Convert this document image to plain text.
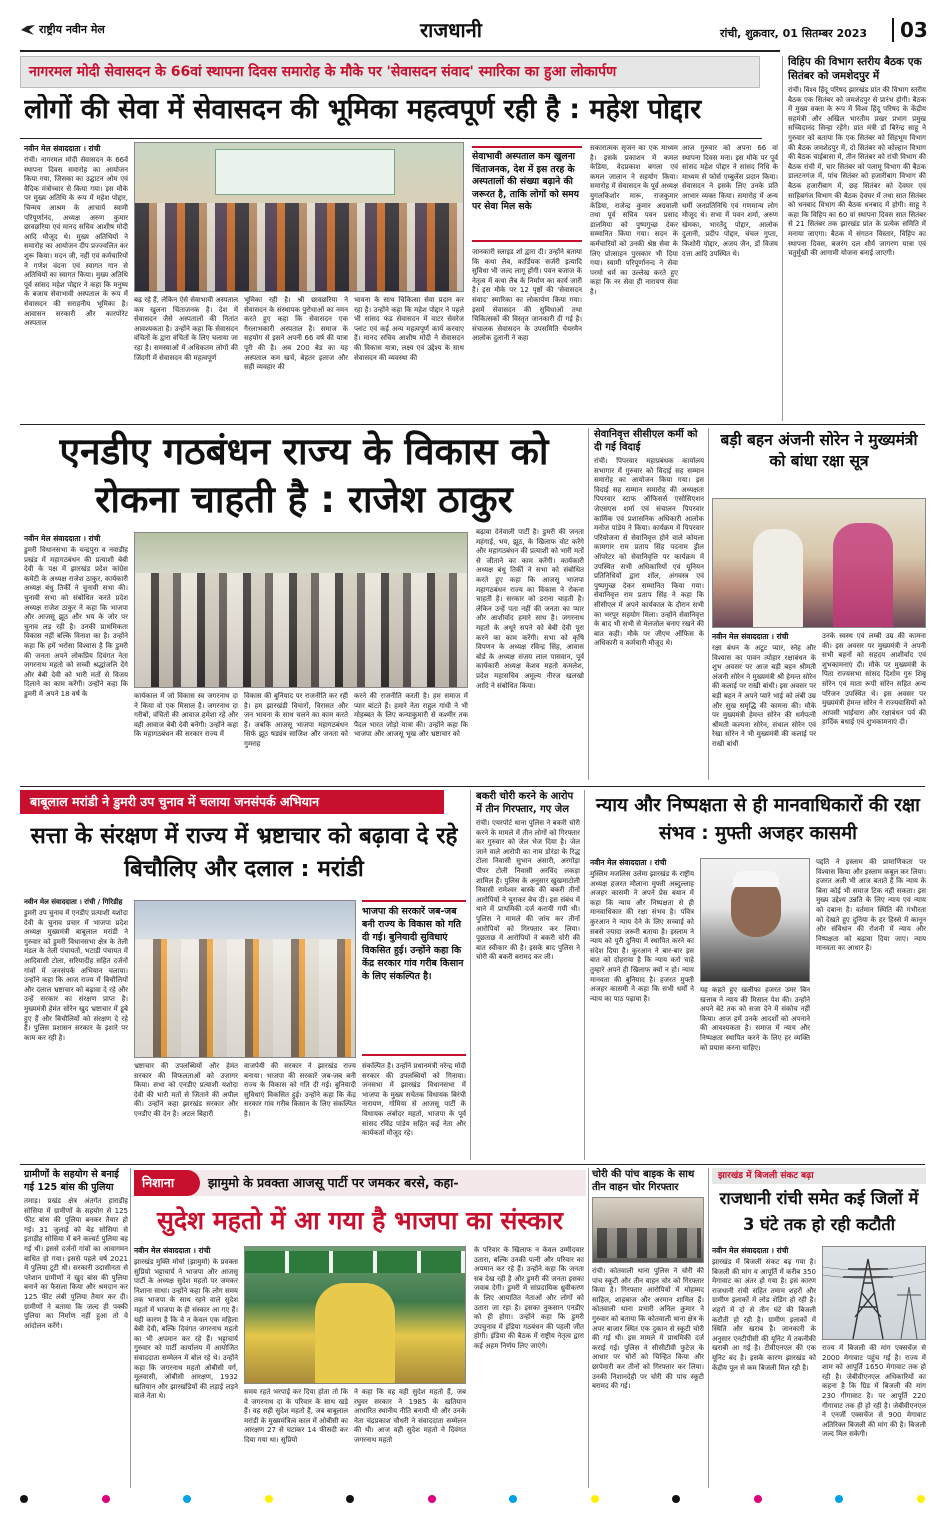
राष्ट्रीय नवीन मेल	राजधानी	रांची, शुक्रवार, 01 सितम्बर 2023	03
नागरमल मोदी सेवासदन के 66वां स्थापना दिवस समारोह के मौके पर 'सेवासदन संवाद' स्मारिका का हुआ लोकार्पण
लोगों की सेवा में सेवासदन की भूमिका महत्वपूर्ण रही है : महेश पोद्दार
नवीन मेल संवाददाता । रांची
रांची। नागरमल मोदी सेवासदन के 66वें स्थापना दिवस समारोह का आयोजन किया गया, जिसका का उद्घाटन ओम एवं वैदिक मंत्रोच्चार से किया गया। इस मौके पर मुख्य अतिथि के रूप में महेश पोद्दार, चिन्मय आश्रम के आचार्य स्वामी परिपूर्णानंद, अध्यक्ष अरुण कुमार छावछरिया एवं मानद सचिव आशीष मोदी आदि मौजूद थे। मुख्य अतिथियों ने समारोह का आयोजन दीप प्रज्ज्वलित कर शुरू किया। मदन जी, नहीं एवं कर्मचारियों ने गणेश वंदना एवं स्वागत गान से अतिथियों का स्वागत किया। मुख्य अतिथि पूर्व सांसद महेश पोद्दार ने कहा कि मनुष्य के बजाय सेवाभावी अस्पताल के रूप में सेवासदन की सराहनीय भूमिका है। आवासन सरकारी और कारपोरेट अस्पताल
बढ़ रहे हैं, लेकिन ऐसे सेवाभावी अस्पताल कम खुलना चिंताजनक है। देश में सेवासदन जैसे अस्पतालों की नितांत आवश्यकता है। उन्होंने कहा कि सेवासदन वंचितों के द्वारा वंचितों के लिए चलाया जा रहा है। समस्याओं में अधिकतम लोगों की जिंदगी में सेवासदन की महत्वपूर्ण
भूमिका रही है। श्री छावछरिया ने सेवासदन के संस्थापक पुरोधाओं का नमन करते हुए कहा कि सेवासदन एक गैरलाभकारी अस्पताल है। समाज के सहयोग से इसने अपनी 66 वर्ष की यात्रा पूरी की है। अब 200 बेड का यह अस्पताल कम खर्च, बेहतर इलाज और सही व्यवहार की
भावना के साथ चिकित्सा सेवा प्रदान कर रहा है। उन्होंने कहा कि महेश पोद्दार ने पहले भी सांसद फंड सेवासदन में वाटर सेवरेज प्लांट एवं कई अन्य महत्वपूर्ण कार्य करवाए हैं। मानद सचिव आशीष मोदी ने सेवासदन की विकास यात्रा, लक्ष्य एवं उद्देश्य के साथ सेवासदन की व्यवस्था की
सेवाभावी अस्पताल कम खुलना चिंताजनक, देश में इस तरह के अस्पतालों की संख्या बढ़ाने की जरूरत है, ताकि लोगों को समय पर सेवा मिल सके
जानकारी स्लाइड शो द्वारा दी। उन्होंने बताया कि कथा लैब, कार्डियक सर्जरी इत्यादि सुविधा भी जल्द लागू होंगी। पवन बजाज के नेतृत्व में कथा लैब के निर्माण का कार्य जारी है। इस मौके पर 12 पृष्ठों की 'सेवासदन संवाद' स्मारिका का लोकार्पण किया गया। इसमें सेवासदन की सुविधाओं तथा चिकित्सकों की विस्तृत जानकारी दी गई है। संचालक सेवासदन के उपसमिति चेयरमैन आलोक दुलानी ने कहा
सकारात्मक सृजन का एक माध्यम है। इसके प्रकाशन में कमल केडिया, वेदप्रकाश बगला एवं कमल जालान ने सहयोग किया। समारोह में सेवासदन के पूर्व अध्यक्ष युगलकिशोर मारू, राजकुमार केडिया, राजेन्द्र कुमार अग्रवाली तथा पूर्व सचिव पवन प्रसाद डालमिया को पुष्पगुच्छ देकर सम्मानित किया गया। सदन के कर्मचारियों को उनकी श्रेष्ठ सेवा के लिए प्रोत्साहन पुरस्कार भी दिया गया। स्वामी परिपूर्णानन्द ने सेवा परमो धर्म का उल्लेख करते हुए कहा कि नर सेवा ही नारायण सेवा है।
आज गुरुवार को अपना 66 वां स्थापना दिवस मना। इस मौके पर पूर्व सांसद महेश पोद्दार ने सांसद निधि के माध्यम से फोर्स एम्बुलेंस प्रदान किया। सेवासदन ने इसके लिए उनके प्रति आभार व्यक्त किया। समारोह में अन्य धर्मी जनप्रतिनिधि एवं गणमान्य लोग मौजूद थे। सभा में पवन शर्मा, अरुण खेमका, भारतेंदु पोद्दार, आलोक दुलानी, प्रदीप पोद्दार, चंचल गुप्ता, किशोरी पोद्दार, अजय जैन, डॉ विजय दत्ता आदि उपस्थित थे।
विहिप की विभाग स्तरीय बैठक एक सितंबर को जमशेदपुर में
रांची। विश्व हिंदू परिषद झारखंड प्रांत की विभाग स्तरीय बैठक एक सितंबर को जमशेदपुर से प्रारंभ होगी। बैठक में मुख्य वक्ता के रूप में विश्व हिंदू परिषद के केंद्रीय सहमंत्री और अखिल भारतीय प्रखर प्रभाग प्रमुख सच्चिदानंद सिन्हा रहेंगे। प्रांत मंत्री डॉ बिरेन्द्र साहू ने गुरुवार को बताया कि एक सितंबर को सिंहभूम विभाग की बैठक जमशेदपुर में, दो सितंबर को कोल्हान विभाग की बैठक चाईबासा में, तीन सितंबर को रांची विभाग की बैठक रांची में, चार सितंबर को पलामू विभाग की बैठक डालटनगंज में, पांच सितंबर को हजारीबाग विभाग की बैठक हजारीबाग में, छह सितंबर को देवघर एवं साहिबगंज विभाग की बैठक देवघर में तथा सात सितंबर को धनबाद विभाग की बैठक धनबाद में होगी। साहू ने कहा कि विहिप का 60 वां स्थापना दिवस सात सितंबर से 21 सितंबर तक झारखंड प्रांत के प्रत्येक समिति में मनाया जाएगा। बैठक में संगठन विस्तार, विहिप का स्थापना दिवस, बजरंग दल शौर्य जागरण यात्रा एवं चतुर्मुखी की आगामी योजना बनाई जाएगी।
एनडीए गठबंधन राज्य के विकास को रोकना चाहती है : राजेश ठाकुर
नवीन मेल संवाददाता । रांची
डुमरी विधानसभा के चन्द्रपुरा व नवाडीह प्रखंड में महागठबंधन की प्रत्याशी बेबी देवी के पक्ष में झारखंड प्रदेश कांग्रेस कमेटी के अध्यक्ष राजेश ठाकुर, कार्यकारी अध्यक्ष बंधु तिर्की ने चुनावी सभा की। चुनावी सभा को संबोधित करते प्रदेश अध्यक्ष राजेश ठाकुर ने कहा कि भाजपा और आजसू झूठ और भय के जोर पर चुनाव लड़ रही है। उनकी प्राथमिकता विकास नहीं बल्कि विनाश का है। उन्होंने कहा कि हमें भरोसा विश्वास है कि डुमरी की जनता अपने लोकप्रिय दिवंगत नेता जगरनाथ महतो को सच्ची श्रद्धांजलि देंगे और बेबी देवी को भारी मतों से विजय दिलाने का काम करेंगी। उन्होंने कहा कि डुमरी में अपने 18 वर्ष के	कार्यकाल में जो विकास स्व जगरनाथ दा ने किया वो एक मिसाल है। जगरनाथ दा गरीबों, वंचितों की आवाज हमेशा रहे और वही आवाज बेबी देवी बनेंगी। उन्होंने कहा कि महागठबंधन की सरकार राज्य में
विकास की बुनियाद पर राजनीति कर रही है। हम झारखंडी विचारों, विरासत और जन भावना के साथ चलने का काम करते हैं। जबकि आजसू भाजपा महागठबंधन सिर्फ झूठ षड्यंत्र साजिश और जनता को गुमराह
करने की राजनीति करती है। हम समाज में प्यार बांटते हैं। हमारे नेता राहुल गांधी ने भी मोहब्बत के लिए कन्याकुमारी से कश्मीर तक पैदल भारत जोड़ो यात्रा की। उन्होंने कहा कि भाजपा और आजसू भूख और भ्रष्टाचार को
बढ़ावा देनेवाली पार्टी है। डुमरी की जनता महंगाई, भय, झूठ, के खिलाफ वोट करेंगे और महागठबंधन की प्रत्याशी को भारी मतों से जीताने का काम करेंगी। कार्यकारी अध्यक्ष बंधु तिर्की ने सभा को संबोधित करते हुए कहा कि आजसू भाजपा महागठबंधन राज्य का विकास ने रोकना चाहती है। सरकार को डराना चाहती है। लेकिन उन्हें पता नहीं की जनता का प्यार और आशीर्वाद हमारे साथ है। जगरनाथ महतो के अधूरे सपने को बेबी देवी पूरा करने का काम करेंगी। सभा को कृषि विपणन के अध्यक्ष रविन्द्र सिंह, आवास बोर्ड के अध्यक्ष संजय लाल पासवान, पूर्व कार्यकारी अध्यक्ष केशव महतो कमलेश, प्रदेश महासचिव अमूल्य नीरज खलखो आदि ने संबोधित किया।
सेवानिवृत्त सीसीएल कर्मी को दी गई विदाई
रांची। पिपरवार महाप्रबंधक कार्यालय सभागार में गुरुवार को विदाई सह सम्मान समारोह का आयोजन किया गया। इस विदाई सह सम्मान समारोह की अध्यक्षता पिपरवार स्टाफ ऑफिसर्स एसोसिएशन जेएसएस शर्मा एवं संचालन पिपरवार कार्मिक एवं प्रशासनिक अधिकारी आलोक मनोज पांडेय ने किया। कार्यक्रम में पिपरवार परियोजना से सेवानिवृत्त होने वाले कोयला कामगार राम प्रताप सिंह पदनाम ड्रील ऑपरेटर को सेवानिवृत्ति पर कार्यक्रम में उपस्थित सभी अधिकारियों एवं यूनियन प्रतिनिधियों द्वारा शॉल, अंगवस्त्र एवं पुष्पगुच्छ देकर सम्मानित किया गया। सेवानिवृत्त राम प्रताप सिंह ने कहा कि सीसीएल में अपने कार्यकाल के दौरान सभी का भरपूर सहयोग मिला। उन्होंने सेवानिवृत्त के बाद भी सभी से मेलजोल बनाए रखने की बात कही। मौके पर जीएम ऑफिस के अधिकारी व कर्मचारी मौजूद थे।
बड़ी बहन अंजनी सोरेन ने मुख्यमंत्री को बांधा रक्षा सूत्र
नवीन मेल संवाददाता । रांची
रक्षा बंधन के अटूट प्यार, स्नेह और विश्वास का पावन त्योहार रक्षाबंधन के शुभ अवसर पर आज बड़ी बहन श्रीमती अंजनी सोरेन ने मुख्यमंत्री श्री हेमन्त सोरेन की कलाई पर राखी बांधी। इस अवसर पर बड़ी बहन ने अपने प्यारे भाई को लंबी उम्र और सुख समृद्धि की कामना की। मौके पर मुख्यमंत्री हेमन्त सोरेन की धर्मपत्नी श्रीमती कल्पना सोरेन, संथाल सोरेन एवं रेखा सोरेन ने भी मुख्यमंत्री की कलाई पर राखी बांधी
उनके स्वस्थ एवं लम्बी उम्र की कामना की। इस अवसर पर मुख्यमंत्री ने अपनी सभी बहनों को सहदय आशीर्वाद एवं शुभकामनाएं दी। मौके पर मुख्यमंत्री के पिता राज्यसभा सांसद दिशोम गुरु शिबू सोरेन एवं माता रूपी सोरेन सहित अन्य परिजन उपस्थित थे। इस अवसर पर मुख्यमंत्री हेमन्त सोरेन ने राज्यवासियों को आपसी भाईचारा और रक्षाबंधन पर्व की हार्दिक बधाई एवं शुभकामनाएं दी।
बाबूलाल मरांडी ने डुमरी उप चुनाव में चलाया जनसंपर्क अभियान
सत्ता के संरक्षण में राज्य में भ्रष्टाचार को बढ़ावा दे रहे बिचौलिए और दलाल : मरांडी
नवीन मेल संवाददाता । रांची / गिरिडीह
डुमरी उप चुनाव में एनडीए प्रत्याशी यशोदा देवी के चुनाव प्रचार में भाजपा प्रदेश अध्यक्ष मुख्यमंत्री बाबूलाल मरांडी ने गुरुवार को डुमरी विधानसभा क्षेत्र के तेली मंडल के तेली पंचायतों, भटाडी पंचायत में आदिवासी टोला, सरियादीह सहित दर्जनों गांवों में जनसंपर्क अभियान चलाया। उन्होंने कहा कि आज राज्य में बिचौलियों और दलाल भ्रष्टाचार को बढ़ावा दे रहे और उन्हें सरकार का संरक्षण प्राप्त है। मुख्यमंत्री हेमंत सोरेन खुद भ्रष्टाचार में डूबे हुए हैं और बिचौलियों को संरक्षण दे रहे हैं। पुलिस प्रशासन सरकार के इशारे पर काम कर रही है।
भाजपा की सरकारें जब-जब बनी राज्य के विकास को गति दी गई। बुनियादी सुविधाएं विकसित हुई। उन्होंने कहा कि केंद्र सरकार गांव गरीब किसान के लिए संकल्पित है।
भ्रष्टाचार की उपलब्धियों और हेमंत सरकार की विफलताओं को उजागर किया। सभा को एनडीए प्रत्याशी यशोदा देवी की भारी मतों से जिताने की अपील की। उन्होंने कहा झारखंड सरकार और एनडीए की देन है। अटल बिहारी
वाजपेयी की सरकार ने झारखंड राज्य बनाया। भाजपा की सरकारें जब-जब बनी राज्य के विकास को गति दी गई। बुनियादी सुविधाएं विकसित हुई। उन्होंने कहा कि केंद्र सरकार गांव गरीब किसान के लिए संकल्पित है।
संकल्पित है। उन्होंने प्रधानमंत्री नरेन्द्र मोदी सरकार की उपलब्धियों को गिनाया। जनसभा में झारखंड विधानसभा में भाजपा के मुख्य सचेतक विधायक बिरंची नारायण, गोमिया से आजसू पार्टी के विधायक लंबोदर महतो, भाजपा के पूर्व सांसद रविंद्र पांडेय सहित कई नेता और कार्यकर्ता मौजूद रहे।
बकरी चोरी करने के आरोप में तीन गिरफ्तार, गए जेल
रांची। एयरपोर्ट थाना पुलिस ने बकरी चोरी करने के मामले में तीन लोगों को गिरफ्तार कर गुरुवार को जेल भेज दिया है। जेल जाने वाले आरोपी का नाम डोरंडा के रिद्ध टोला निवासी सुभान अंसारी, अरगोड़ा पीपर टोली निवासी अरविंद लकड़ा शामिल हैं। पुलिस के अनुसार खुखमाटोली निवासी रामेश्वर बास्के की बकरी तीनों आरोपियों ने चुराकर बेच दी। इस संबंध में थाने में प्राथमिकी दर्ज करायी गयी थी। पुलिस ने मामले की जांच कर तीनों आरोपियों को गिरफ्तार कर लिया। पूछताछ में आरोपियों ने बकरी चोरी की बात स्वीकार की है। इसके बाद पुलिस ने चोरी की बकरी बरामद कर ली।
न्याय और निष्पक्षता से ही मानवाधिकारों की रक्षा संभव : मुफ्ती अजहर कासमी
नवीन मेल संवाददाता । रांची
मुस्लिम मजलिस उलेमा झारखंड के राष्ट्रीय अध्यक्ष हजरत मौलाना मुफ्ती अब्दुल्लाह अजहर कासमी ने अपने प्रेस बयान में कहा कि न्याय और निष्पक्षता से ही मानवाधिकार की रक्षा संभव है। पवित्र कुरआन ने न्याय देने के लिए सच्चाई को सबसे ज्यादा जरूरी बताया है। इस्लाम ने न्याय को पूरी दुनिया में स्थापित करने का संदेश दिया है। कुरआन ने बार-बार इस बात को दोहराया है कि न्याय करो चाहे तुम्हारे अपने ही खिलाफ क्यों न हो। न्याय मानवता की बुनियाद है। हजरत मुफ्ती अजहर कासमी ने कहा कि सभी धर्मों ने न्याय का पाठ पढ़ाया है।
यह कहते हुए खलीफा हजरत उमर बिन खत्ताब ने न्याय की मिसाल पेश की। उन्होंने अपने बेटे तक को सजा देने में संकोच नहीं किया। आज हमें उनके आदर्शों को अपनाने की आवश्यकता है। समाज में न्याय और निष्पक्षता स्थापित करने के लिए हर व्यक्ति को प्रयास करना चाहिए।
पद्दति ने इस्लाम की प्रामाणिकता पर विश्वास किया और इस्लाम कबूल कर लिया। हजरत अली भी आज बताते हैं कि न्याय के बिना कोई भी समाज टिक नहीं सकता। इस मुख्य उद्देश्य उन्नति के लिए न्याय एवं न्याय को दबाना है। वर्तमान स्थिति की गंभीरता को देखते हुए दुनिया के हर हिस्से में कानून और संविधान की रोशनी में न्याय और निष्पक्षता को बढ़ावा दिया जाए। न्याय मानवता का आधार है।
ग्रामीणों के सहयोग से बनाई गई 125 बांस की पुलिया
तमाड़। प्रखंड क्षेत्र अंतर्गत हाराडीह सोसिया में ग्रामीणों के सहयोग से 125 फीट बांस की पुलिया बनकर तैयार हो गई। 31 जुलाई को बेड़ सोसिया से इताड़ीह सोसिया में बने कल्वर्ट पुलिया बह गई थी। इससे दर्जनों गांवों का आवागमन बाधित हो गया। इससे पहले वर्ष 2021 में पुलिया टूटी थी। सरकारी उदासीनता से परेशान ग्रामीणों ने खुद बांस की पुलिया बनाने का फैसला किया और श्रमदान कर 125 फीट लंबी पुलिया तैयार कर दी। ग्रामीणों ने बताया कि जल्द ही पक्की पुलिया का निर्माण नहीं हुआ तो वे आंदोलन करेंगे।
निशाना	झामुमो के प्रवक्ता आजसू पार्टी पर जमकर बरसे, कहा-
सुदेश महतो में आ गया है भाजपा का संस्कार
नवीन मेल संवाददाता । रांची
झारखंड मुक्ति मोर्चा (झामुमो) के प्रवक्ता सुप्रियो भट्टाचार्य ने भाजपा और आजसू पार्टी के अध्यक्ष सुदेश महतो पर जमकर निशाना साधा। उन्होंने कहा कि लोग समय तक भाजपा के साथ रहने वाले सुदेश महतो में भाजपा के ही संस्कार आ गए हैं। यही कारण है कि वे न केवल एक महिला बेबी देवी, बल्कि दिवंगत जगरनाथ महतो का भी अपमान कर रहे हैं। भट्टाचार्य गुरुवार को पार्टी कार्यालय में आयोजित संवाददाता सम्मेलन में बोल रहे थे। उन्होंने कहा कि जगरनाथ महतो ओबीसी वर्ग, मूलवासी, ओबीसी आरक्षण, 1932 खतियान और झारखंडियों की लड़ाई लड़ने वाले नेता थे।
समय रहते भरपाई कर दिया होता तो कि वे जगरनाथ दा के परिवार के साथ खड़े हैं। वह सही सुदेश महतो हैं, जब बाबूलाल मरांडी के मुख्यमंत्रित्व काल में ओबीसी का आरक्षण 27 से घटाकर 14 फीसदी कर दिया गया था। सुप्रियो
ने कहा कि वह वही सुदेश महतो हैं, जब रघुवर सरकार ने 1985 के खतियान आधारित स्थानीय नीति बनायी थी और उनके नेता चंद्रप्रकाश चौधरी ने संवाददाता सम्मेलन की थी। आज वही सुदेश महतो ने दिवंगत जगरनाथ महतो
के परिवार के खिलाफ न केवल उम्मीदवार उतारा, बल्कि उनकी पत्नी और परिवार का अपमान कर रहे हैं। उन्होंने कहा कि जनता सब देख रही है और डुमरी की जनता इसका जवाब देगी। डुमरी में सांप्रदायिक ध्रुवीकरण के लिए आयातित नेताओं और लोगों को उतारा जा रहा है। इसका नुकसान एनडीए को ही होगा। उन्होंने कहा कि डुमरी उपचुनाव में इंडिया गठबंधन की पहली जीत होगी। इंडिया की बैठक में राष्ट्रीय नेतृत्व द्वारा कई अहम निर्णय लिए जाएंगे।
चोरी की पांच बाइक के साथ तीन वाहन चोर गिरफ्तार
रांची। कोतवाली थाना पुलिस ने चोरी की पांच स्कूटी और तीन वाहन चोर को गिरफ्तार किया है। गिरफ्तार आरोपियों में मोहम्मद साहिल, शाहबाज और अरमान शामिल हैं। कोतवाली थाना प्रभारी अनिल कुमार ने गुरुवार को बताया कि कोतवाली थाना क्षेत्र के अपर बाजार स्थित एक दुकान से स्कूटी चोरी की गई थी। इस मामले में प्राथमिकी दर्ज कराई गई। पुलिस ने सीसीटीवी फुटेज के आधार पर चोरों को चिन्हित किया और छापेमारी कर तीनों को गिरफ्तार कर लिया। उनकी निशानदेही पर चोरी की पांच स्कूटी बरामद की गई।
झारखंड में बिजली संकट बढ़ा
राजधानी रांची समेत कई जिलों में 3 घंटे तक हो रही कटौती
नवीन मेल संवाददाता । रांची
झारखंड में बिजली संकट बढ़ गया है। बिजली की मांग व आपूर्ति में करीब 350 मेगावाट का अंतर हो गया है। इस कारण राजधानी रांची सहित तमाम शहरों और ग्रामीण इलाकों में लोड शेडिंग हो रही है। शहरों में दो से तीन घंटे की बिजली कटौती हो रही है। ग्रामीण इलाकों में स्थिति और खराब है। जानकारी के अनुसार एनटीपीसी की यूनिट में तकनीकी खराबी आ गई है। टीवीएनएल की एक यूनिट बंद है। इसके कारण झारखंड को केंद्रीय पूल से कम बिजली मिल रही है।
राज्य में बिजली की मांग एक्सचेंज से 2000 मेगावाट पहुंच गई है। राज्य में शाम को आपूर्ति 1650 मेगावाट तक हो रही है। जेबीवीएनएल अधिकारियों का कहना है कि ग्रिड में बिजली की मांग 230 गीगावाट है। पर आपूर्ति 220 गीगावाट तक ही हो रही है। जेबीवीएनएल ने एनर्जी एक्सचेंज से 900 मेगावाट अतिरिक्त बिजली की मांग की है। बिजली जल्द मिल सकेगी।
